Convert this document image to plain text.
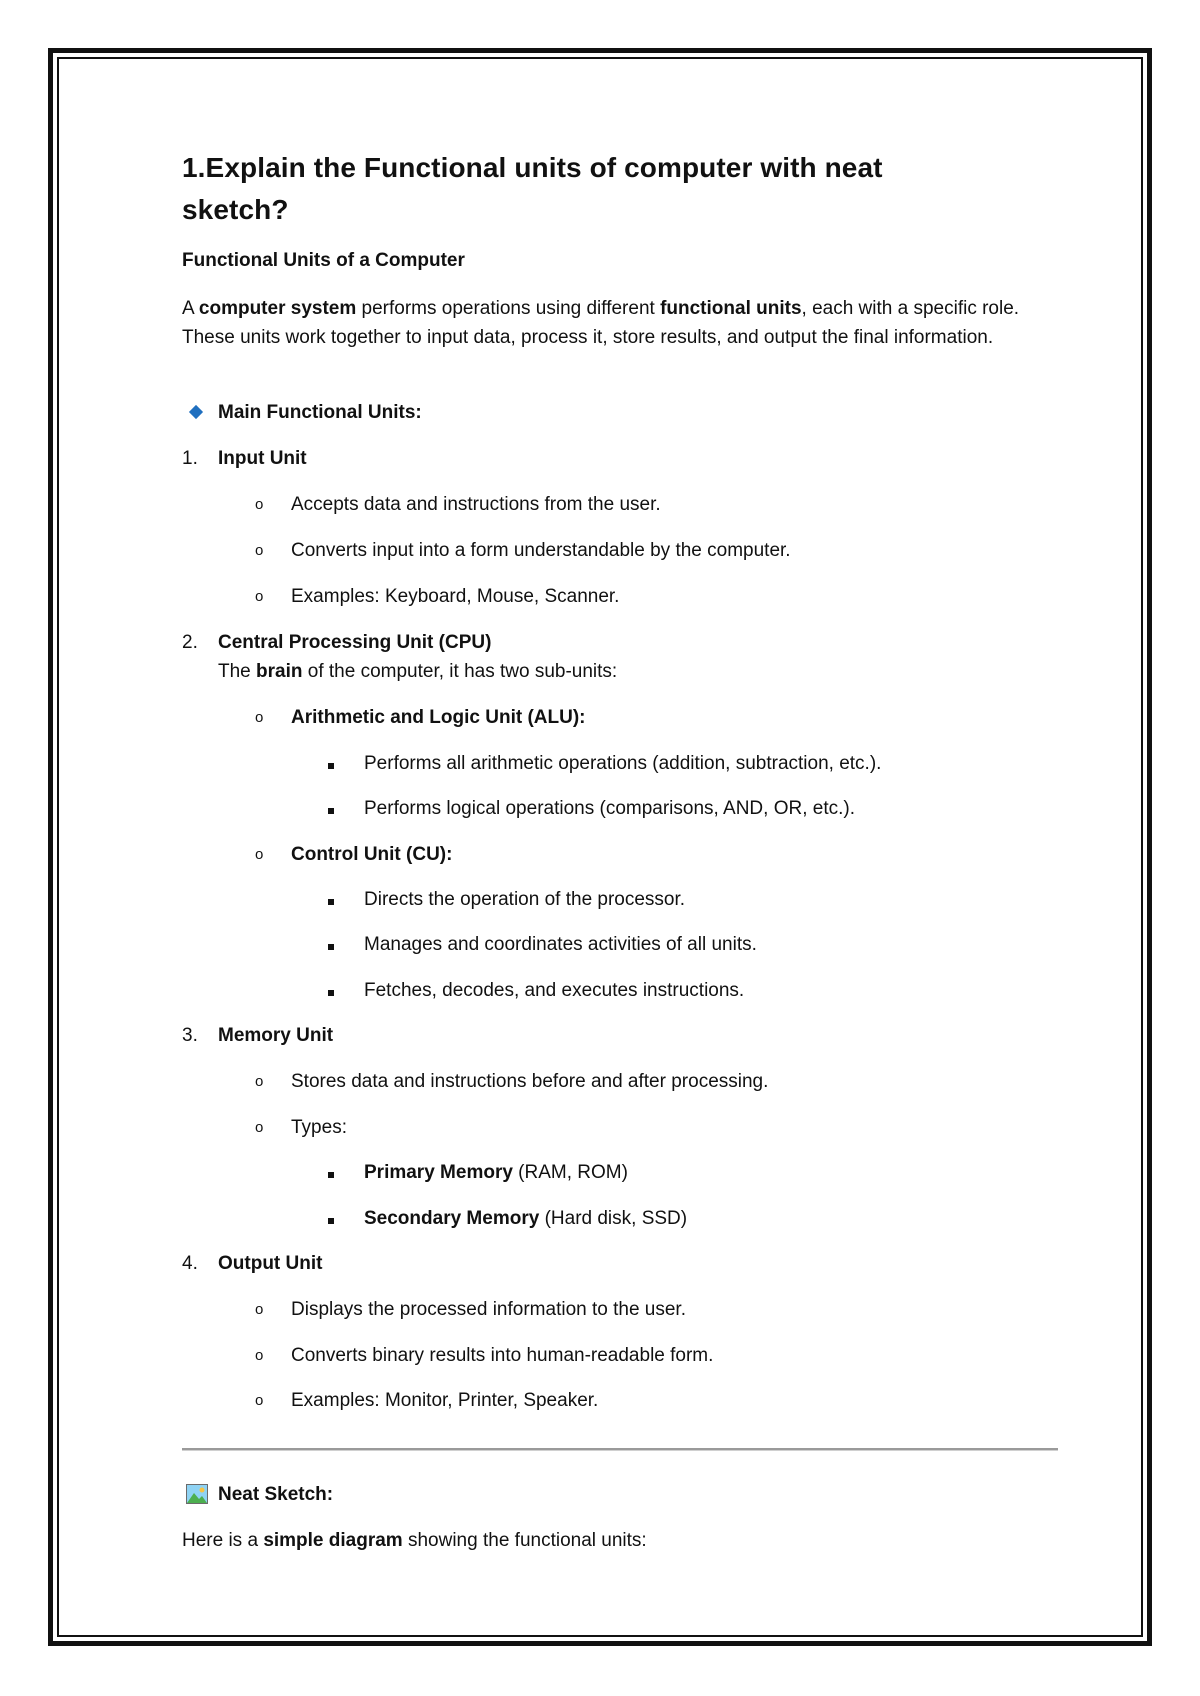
1.Explain the Functional units of computer with neat
sketch?
Functional Units of a Computer
A computer system performs operations using different functional units, each with a specific role. These units work together to input data, process it, store results, and output the final information.
Main Functional Units:
1. Input Unit
o Accepts data and instructions from the user.
o Converts input into a form understandable by the computer.
o Examples: Keyboard, Mouse, Scanner.
2. Central Processing Unit (CPU)
The brain of the computer, it has two sub-units:
o Arithmetic and Logic Unit (ALU):
Performs all arithmetic operations (addition, subtraction, etc.).
Performs logical operations (comparisons, AND, OR, etc.).
o Control Unit (CU):
Directs the operation of the processor.
Manages and coordinates activities of all units.
Fetches, decodes, and executes instructions.
3. Memory Unit
o Stores data and instructions before and after processing.
o Types:
Primary Memory (RAM, ROM)
Secondary Memory (Hard disk, SSD)
4. Output Unit
o Displays the processed information to the user.
o Converts binary results into human-readable form.
o Examples: Monitor, Printer, Speaker.
Neat Sketch:
Here is a simple diagram showing the functional units:
